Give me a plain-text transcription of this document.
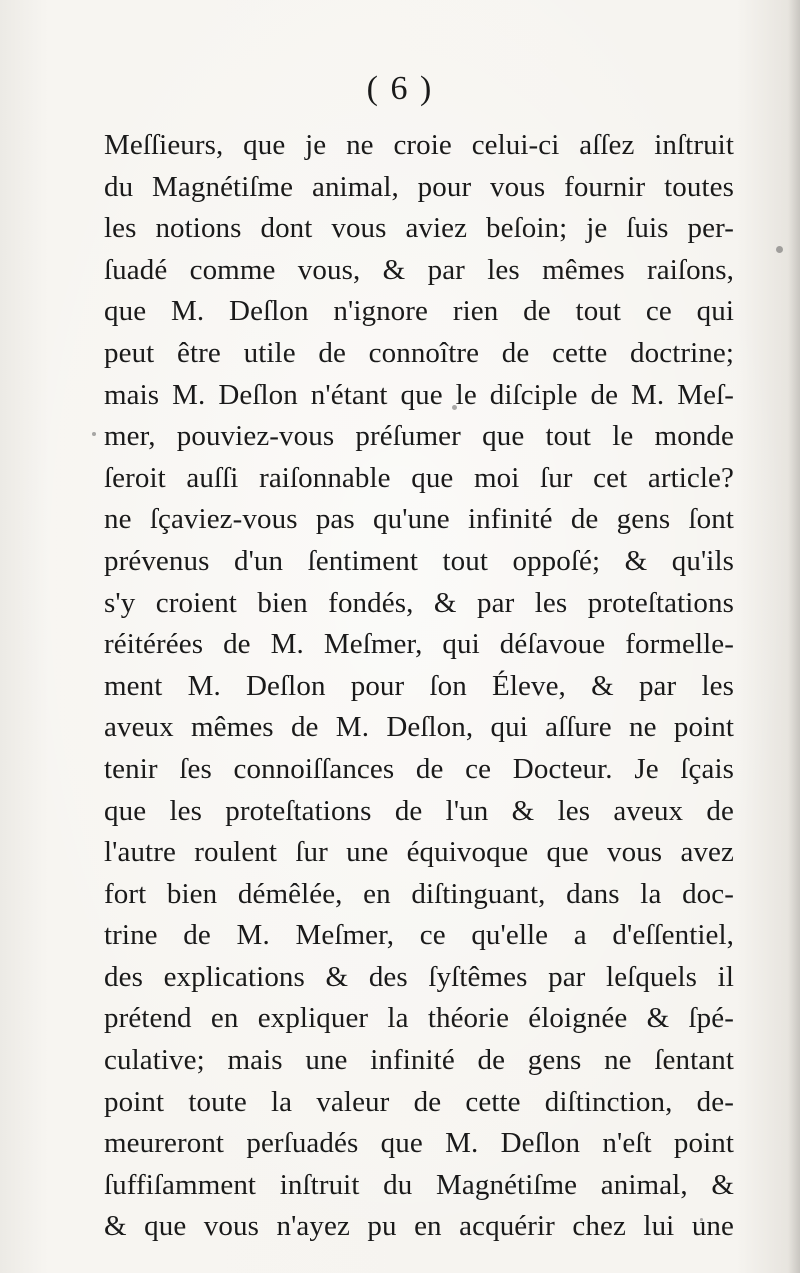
( 6 )
Meſſieurs, que je ne croie celui-ci aſſez inſtruit
du Magnétiſme animal, pour vous fournir toutes
les notions dont vous aviez beſoin; je ſuis per-
ſuadé comme vous, & par les mêmes raiſons,
que M. Deſlon n'ignore rien de tout ce qui
peut être utile de connoître de cette doctrine;
mais M. Deſlon n'étant que le diſciple de M. Meſ-
mer, pouviez-vous préſumer que tout le monde
ſeroit auſſi raiſonnable que moi ſur cet article?
ne ſçaviez-vous pas qu'une infinité de gens ſont
prévenus d'un ſentiment tout oppoſé; & qu'ils
s'y croient bien fondés, & par les proteſtations
réitérées de M. Meſmer, qui déſavoue formelle-
ment M. Deſlon pour ſon Éleve, & par les
aveux mêmes de M. Deſlon, qui aſſure ne point
tenir ſes connoiſſances de ce Docteur. Je ſçais
que les proteſtations de l'un & les aveux de
l'autre roulent ſur une équivoque que vous avez
fort bien démêlée, en diſtinguant, dans la doc-
trine de M. Meſmer, ce qu'elle a d'eſſentiel,
des explications & des ſyſtêmes par leſquels il
prétend en expliquer la théorie éloignée & ſpé-
culative; mais une infinité de gens ne ſentant
point toute la valeur de cette diſtinction, de-
meureront perſuadés que M. Deſlon n'eſt point
ſuffiſamment inſtruit du Magnétiſme animal, &
& que vous n'ayez pu en acquérir chez lui une
